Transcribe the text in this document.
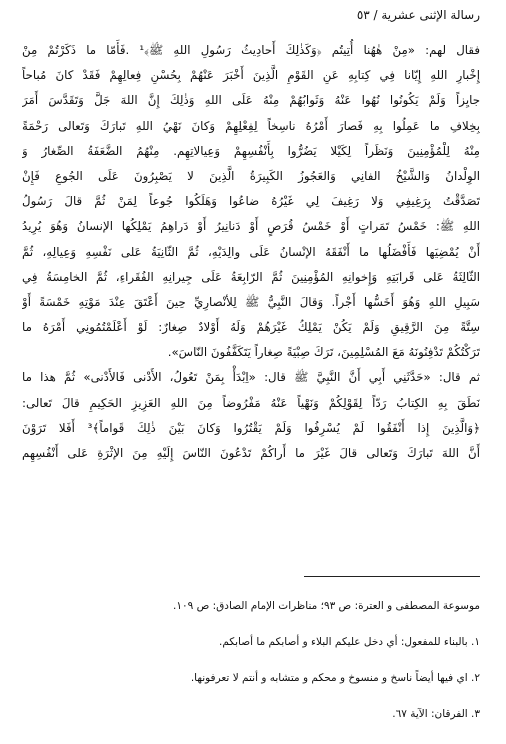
رسالة الإثنى عشرية / ٥٣
فقال لهم: «مِنْ هٰهُنا أُتِيتُم ﴿وَكَذٰلِكَ أَحادِيثُ رَسُولِ اللهِ ﷺ﴾¹ .فَأَمّا ما ذَكَرْتُمْ مِنْ
إِخْبارِ اللهِ إِيّانا فِي كِتابِهِ عَنِ القَوْمِ الَّذِينَ أَخْبَرَ عَنْهُمْ بِحُسْنِ فِعالِهِمْ فَقَدْ كانَ مُباحاً
جايِزاً وَلَمْ يَكُونُوا نُهُوا عَنْهُ وَثَوابُهُمْ مِنْهُ عَلَى اللهِ وَذٰلِكَ إِنَّ اللهَ جَلَّ وَتَقَدَّسَ أَمَرَ
بِخِلافِ ما عَمِلُوا بِهِ فَصارَ أَمْرُهُ ناسِخاً لِفِعْلِهِمْ وَكانَ نَهْيُ اللهِ تَبارَكَ وَتَعالى رَحْمَةً
مِنْهُ لِلْمُؤْمِنِينَ وَنَظَراً لِكَيْلا يَضُرُّوا بِأَنْفُسِهِمْ وَعِيالاتِهِم. مِنْهُمُ الضَّعَفَةُ الصِّغارُ وَ
الوِلْدانُ وَالشَّيْخُ الفانِي وَالعَجُوزُ الكَبِيرَةُ الَّذِينَ لا يَصْبِرُونَ عَلَى الجُوعِ فَإِنْ
تَصَدَّقْتُ بِرَغِيفِي وَلا رَغِيفَ لِي غَيْرُهُ ضاعُوا وَهَلَكُوا جُوعاً لِمَنْ ثُمَّ قالَ رَسُولُ
اللهِ ﷺ: خَمْسُ تَمَراتٍ أَوْ خَمْسُ قُرَصٍ أَوْ دَنانِيرُ أَوْ دَراهِمُ يَمْلِكُها الإنسانُ وَهُوَ يُرِيدُ
أَنْ يُمْضِيَها فَأَفْضَلُها ما أَنْفَقَهُ الإنْسانُ عَلَى والِدَيْهِ، ثُمَّ الثّانِيَةُ عَلى نَفْسِهِ وَعِيالِهِ، ثُمَّ
الثّالِثَةُ عَلى قَرابَتِهِ وَإِخوانِهِ المُؤْمِنِينَ ثُمَّ الرّابِعَةُ عَلَى جِيرانِهِ الفُقَراءِ، ثُمَّ الخامِسَةُ فِي
سَبِيلِ اللهِ وَهُوَ أَخَسُّها أَجْراً. وَقالَ النَّبِيُّ ﷺ لِلأنْصارِيِّ حِينَ أَعْتَقَ عِنْدَ مَوْتِهِ خَمْسَةً أَوْ
سِتَّةً مِنَ الرَّقِيقِ وَلَمْ يَكُنْ يَمْلِكُ غَيْرَهُمْ وَلَهُ أَوْلادٌ صِغارٌ: لَوْ أَعْلَمْتُمُونِي أَمْرَهُ ما
تَرَكْتُكُمْ تَدْفِنُونَهُ مَعَ المُسْلِمِينَ، تَرَكَ صِبْيَةً صِغاراً يَتَكَفَّفُونَ النّاسَ».
ثم قال: «حَدَّثَنِي أَبِي أَنَّ النَّبِيَّ ﷺ قال: «اِبْدَأْ بِمَنْ تَعُولُ، الأَدْنى فَالأَدْنى» ثُمَّ هذا ما
نَطَقَ بِهِ الكِتابُ رَدّاً لِقَوْلِكُمْ وَنَهْياً عَنْهُ مَفْرُوضاً مِنَ اللهِ العَزِيزِ الحَكِيمِ قالَ تَعالى:
﴿وَالَّذِينَ إِذا أَنْفَقُوا لَمْ يُسْرِفُوا وَلَمْ يَقْتُرُوا وَكانَ بَيْنَ ذٰلِكَ قَواماً﴾³ أَفَلا تَرَوْنَ
أَنَّ اللهَ تَبارَكَ وَتَعالى قالَ غَيْرَ ما أَراكُمْ تَدْعُونَ النّاسَ إِلَيْهِ مِنَ الإثْرَةِ عَلى أَنْفُسِهِم
موسوعة المصطفى و العترة: ص ٩٣؛ مناظرات الإمام الصادق: ص ١٠٩.
١. بالبناء للمفعول: أي دخل عليكم البلاء و أصابكم ما أصابكم.
٢. اي فيها أيضاً ناسخ و منسوخ و محكم و متشابه و أنتم لا تعرفونها.
٣. الفرقان: الآية ٦٧.
